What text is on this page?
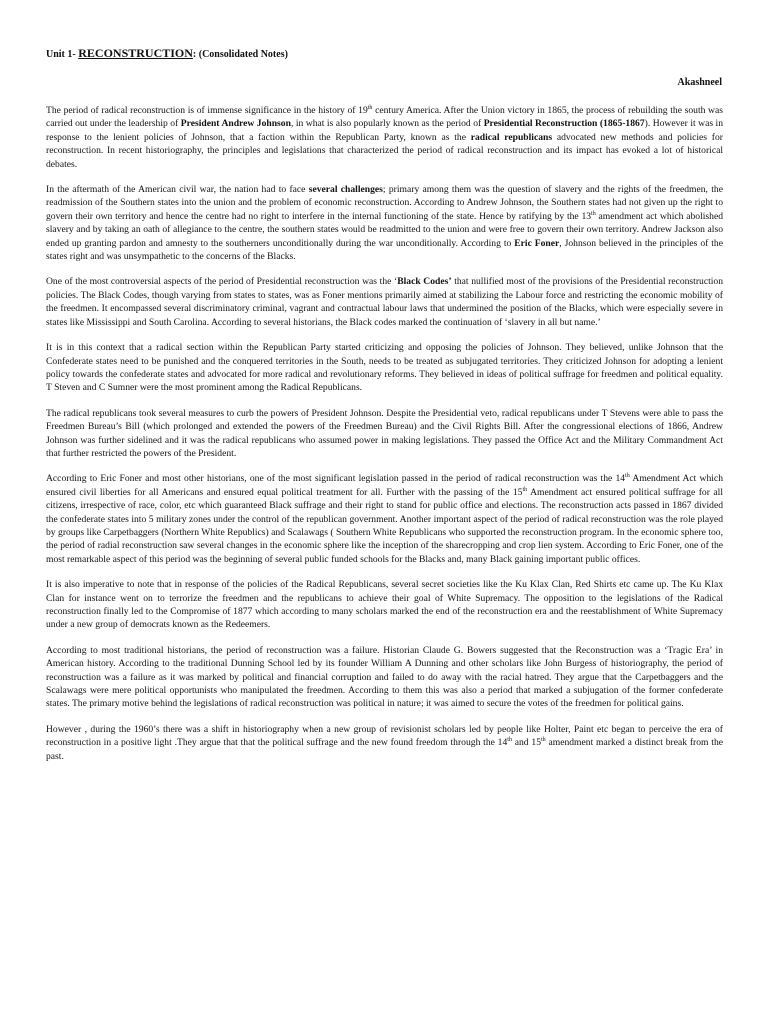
Unit 1- RECONSTRUCTION: (Consolidated Notes)
Akashneel

The period of radical reconstruction is of immense significance in the history of 19th century America. After the Union victory in 1865, the process of rebuilding the south was carried out under the leadership of President Andrew Johnson, in what is also popularly known as the period of Presidential Reconstruction (1865-1867). However it was in response to the lenient policies of Johnson, that a faction within the Republican Party, known as the radical republicans advocated new methods and policies for reconstruction. In recent historiography, the principles and legislations that characterized the period of radical reconstruction and its impact has evoked a lot of historical debates.

In the aftermath of the American civil war, the nation had to face several challenges; primary among them was the question of slavery and the rights of the freedmen, the readmission of the Southern states into the union and the problem of economic reconstruction. According to Andrew Johnson, the Southern states had not given up the right to govern their own territory and hence the centre had no right to interfere in the internal functioning of the state. Hence by ratifying by the 13th amendment act which abolished slavery and by taking an oath of allegiance to the centre, the southern states would be readmitted to the union and were free to govern their own territory. Andrew Jackson also ended up granting pardon and amnesty to the southerners unconditionally during the war unconditionally. According to Eric Foner, Johnson believed in the principles of the states right and was unsympathetic to the concerns of the Blacks.

One of the most controversial aspects of the period of Presidential reconstruction was the ‘Black Codes’ that nullified most of the provisions of the Presidential reconstruction policies. The Black Codes, though varying from states to states, was as Foner mentions primarily aimed at stabilizing the Labour force and restricting the economic mobility of the freedmen. It encompassed several discriminatory criminal, vagrant and contractual labour laws that undermined the position of the Blacks, which were especially severe in states like Mississippi and South Carolina. According to several historians, the Black codes marked the continuation of ‘slavery in all but name.’

It is in this context that a radical section within the Republican Party started criticizing and opposing the policies of Johnson. They believed, unlike Johnson that the Confederate states need to be punished and the conquered territories in the South, needs to be treated as subjugated territories. They criticized Johnson for adopting a lenient policy towards the confederate states and advocated for more radical and revolutionary reforms. They believed in ideas of political suffrage for freedmen and political equality. T Steven and C Sumner were the most prominent among the Radical Republicans.

The radical republicans took several measures to curb the powers of President Johnson. Despite the Presidential veto, radical republicans under T Stevens were able to pass the Freedmen Bureau’s Bill (which prolonged and extended the powers of the Freedmen Bureau) and the Civil Rights Bill. After the congressional elections of 1866, Andrew Johnson was further sidelined and it was the radical republicans who assumed power in making legislations. They passed the Office Act and the Military Commandment Act that further restricted the powers of the President.

According to Eric Foner and most other historians, one of the most significant legislation passed in the period of radical reconstruction was the 14th Amendment Act which ensured civil liberties for all Americans and ensured equal political treatment for all. Further with the passing of the 15th Amendment act ensured political suffrage for all citizens, irrespective of race, color, etc which guaranteed Black suffrage and their right to stand for public office and elections. The reconstruction acts passed in 1867 divided the confederate states into 5 military zones under the control of the republican government. Another important aspect of the period of radical reconstruction was the role played by groups like Carpetbaggers (Northern White Republics) and Scalawags ( Southern White Republicans who supported the reconstruction program. In the economic sphere too, the period of radial reconstruction saw several changes in the economic sphere like the inception of the sharecropping and crop lien system. According to Eric Foner, one of the most remarkable aspect of this period was the beginning of several public funded schools for the Blacks and, many Black gaining important public offices.

It is also imperative to note that in response of the policies of the Radical Republicans, several secret societies like the Ku Klax Clan, Red Shirts etc came up. The Ku Klax Clan for instance went on to terrorize the freedmen and the republicans to achieve their goal of White Supremacy. The opposition to the legislations of the Radical reconstruction finally led to the Compromise of 1877 which according to many scholars marked the end of the reconstruction era and the reestablishment of White Supremacy under a new group of democrats known as the Redeemers.

According to most traditional historians, the period of reconstruction was a failure. Historian Claude G. Bowers suggested that the Reconstruction was a ‘Tragic Era’ in American history. According to the traditional Dunning School led by its founder William A Dunning and other scholars like John Burgess of historiography, the period of reconstruction was a failure as it was marked by political and financial corruption and failed to do away with the racial hatred. They argue that the Carpetbaggers and the Scalawags were mere political opportunists who manipulated the freedmen. According to them this was also a period that marked a subjugation of the former confederate states. The primary motive behind the legislations of radical reconstruction was political in nature; it was aimed to secure the votes of the freedmen for political gains.

However , during the 1960’s there was a shift in historiography when a new group of revisionist scholars led by people like Holter, Paint etc began to perceive the era of reconstruction in a positive light .They argue that that the political suffrage and the new found freedom through the 14th and 15th amendment marked a distinct break from the past.
